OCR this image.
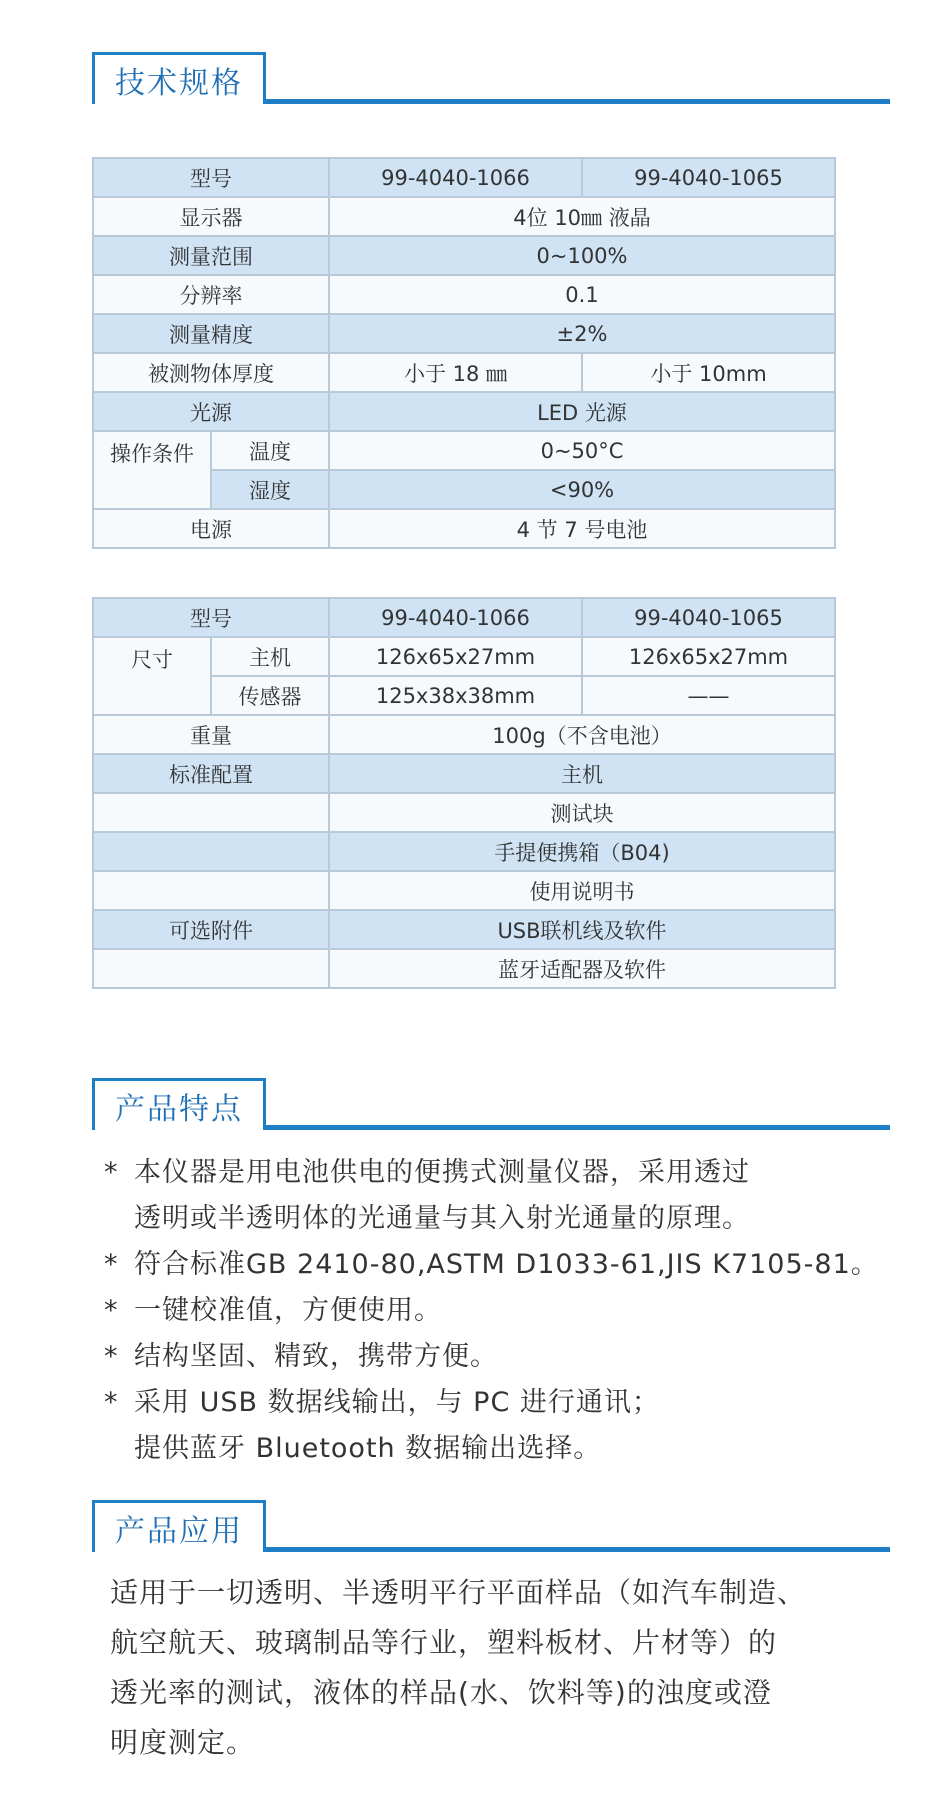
技术规格
型号		99-4040-1066	99-4040-1065
显示器		4位 10㎜ 液晶	
测量范围		0~100%	
分辨率		0.1	
测量精度		±2%	
被测物体厚度		小于 18 ㎜	小于 10mm
光源		LED 光源	
操作条件	温度	0~50°C	
	湿度	<90%	
电源		4 节 7 号电池	
型号		99-4040-1066	99-4040-1065
尺寸	主机	126x65x27mm	126x65x27mm
	传感器	125x38x38mm	——
重量		100g（不含电池）	
标准配置		主机	
		测试块	
		手提便携箱（B04)	
		使用说明书	
可选附件		USB联机线及软件	
		蓝牙适配器及软件	
产品特点
* 本仪器是用电池供电的便携式测量仪器，采用透过
透明或半透明体的光通量与其入射光通量的原理。
* 符合标准GB 2410-80,ASTM D1033-61,JIS K7105-81。
* 一键校准值，方便使用。
* 结构坚固、精致，携带方便。
* 采用 USB 数据线输出，与 PC 进行通讯；
提供蓝牙 Bluetooth 数据输出选择。
产品应用
适用于一切透明、半透明平行平面样品（如汽车制造、
航空航天、玻璃制品等行业，塑料板材、片材等）的
透光率的测试，液体的样品(水、饮料等)的浊度或澄
明度测定。
